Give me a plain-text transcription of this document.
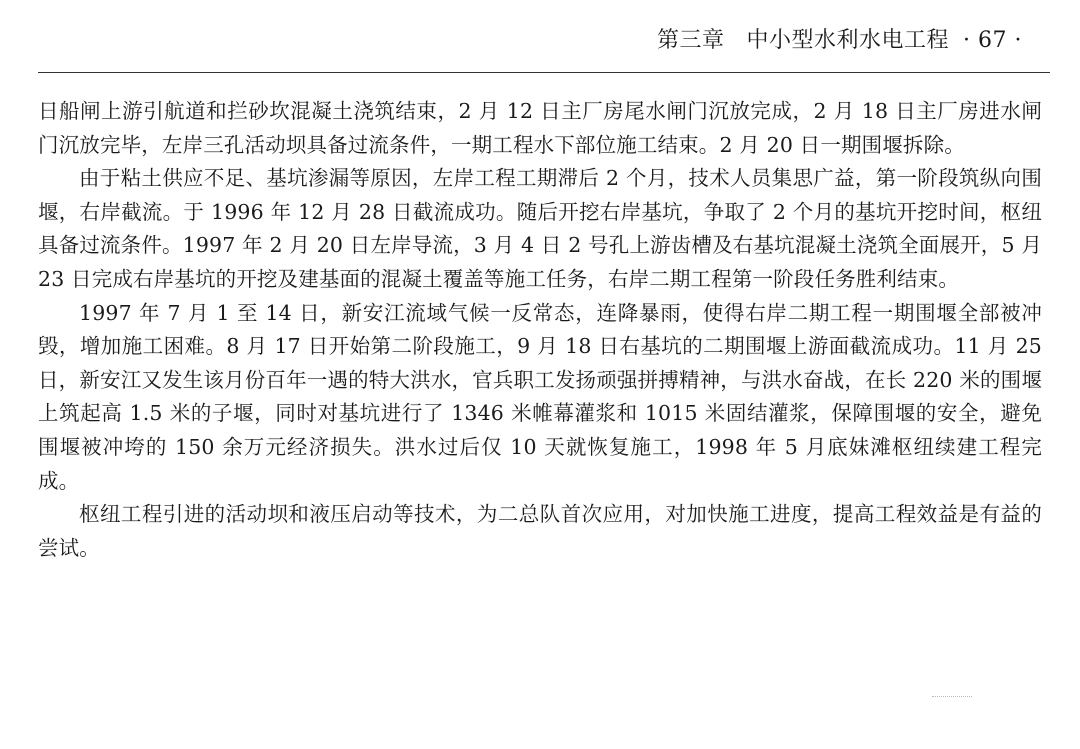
第三章 中小型水利水电工程 · 67 ·

日船闸上游引航道和拦砂坎混凝土浇筑结束，2 月 12 日主厂房尾水闸门沉放完成，2 月 18 日主厂房进水闸门沉放完毕，左岸三孔活动坝具备过流条件，一期工程水下部位施工结束。2 月 20 日一期围堰拆除。

由于粘土供应不足、基坑渗漏等原因，左岸工程工期滞后 2 个月，技术人员集思广益，第一阶段筑纵向围堰，右岸截流。于 1996 年 12 月 28 日截流成功。随后开挖右岸基坑，争取了 2 个月的基坑开挖时间，枢纽具备过流条件。1997 年 2 月 20 日左岸导流，3 月 4 日 2 号孔上游齿槽及右基坑混凝土浇筑全面展开，5 月 23 日完成右岸基坑的开挖及建基面的混凝土覆盖等施工任务，右岸二期工程第一阶段任务胜利结束。

1997 年 7 月 1 至 14 日，新安江流域气候一反常态，连降暴雨，使得右岸二期工程一期围堰全部被冲毁，增加施工困难。8 月 17 日开始第二阶段施工，9 月 18 日右基坑的二期围堰上游面截流成功。11 月 25 日，新安江又发生该月份百年一遇的特大洪水，官兵职工发扬顽强拼搏精神，与洪水奋战，在长 220 米的围堰上筑起高 1.5 米的子堰，同时对基坑进行了 1346 米帷幕灌浆和 1015 米固结灌浆，保障围堰的安全，避免围堰被冲垮的 150 余万元经济损失。洪水过后仅 10 天就恢复施工，1998 年 5 月底妹滩枢纽续建工程完成。

枢纽工程引进的活动坝和液压启动等技术，为二总队首次应用，对加快施工进度，提高工程效益是有益的尝试。
